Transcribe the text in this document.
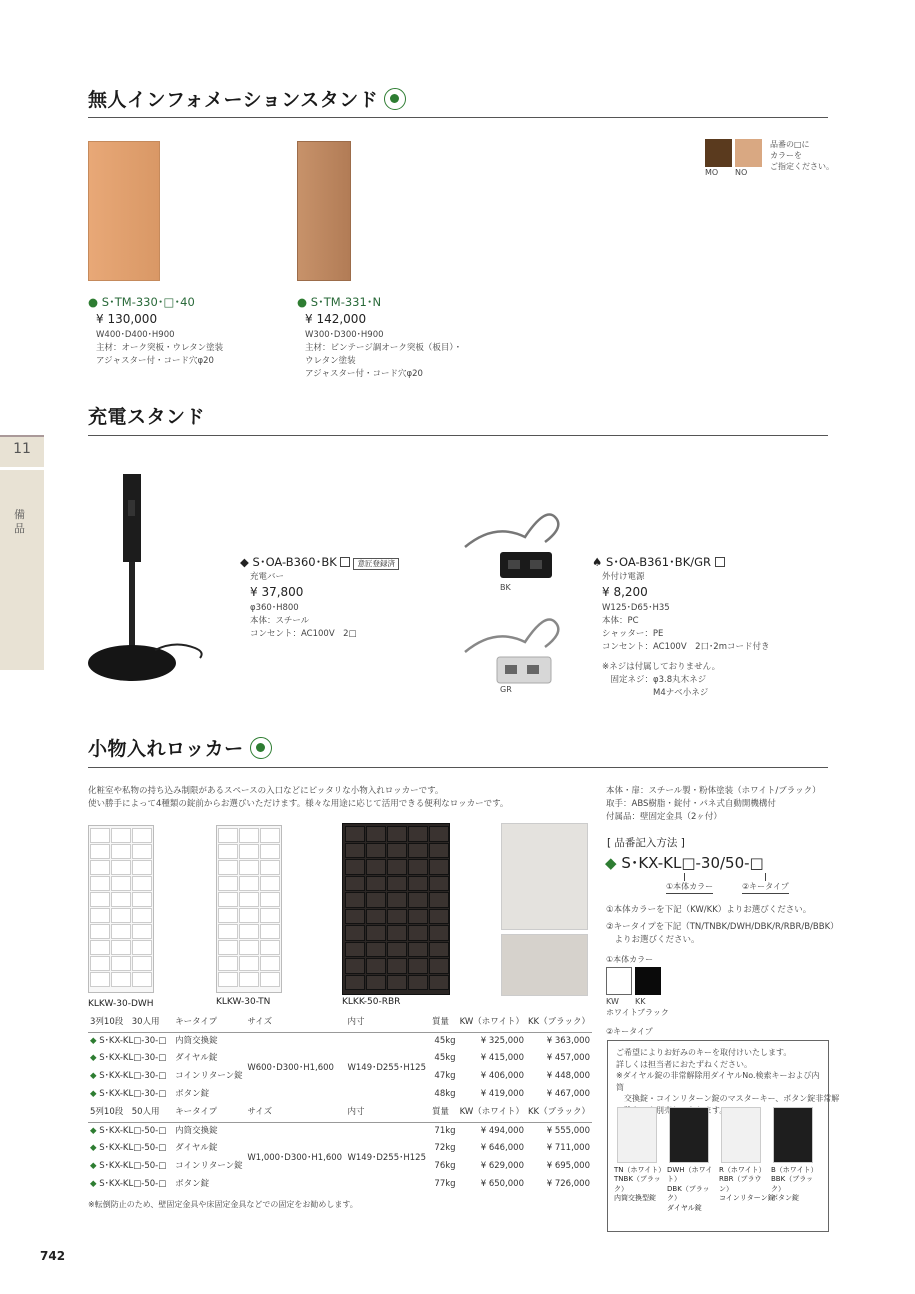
11
備品
無人インフォメーションスタンド
MO NO
品番の□に
カラーを
ご指定ください。
● S･TM-330･□･40
¥ 130,000
W400･D400･H900
主材：オーク突板・ウレタン塗装
アジャスター付・コード穴φ20
● S･TM-331･N
¥ 142,000
W300･D300･H900
主材：ビンテージ調オーク突板（板目）・
ウレタン塗装
アジャスター付・コード穴φ20
充電スタンド
◆ S･OA-B360･BK	意匠登録済
充電バー
¥ 37,800
φ360･H800
本体：スチール
コンセント：AC100V　2□
BK
GR
♠ S･OA-B361･BK/GR
外付け電源
¥ 8,200
W125･D65･H35
本体：PC
シャッター：PE
コンセント：AC100V　2口･2mコード付き
※ネジは付属しておりません。
　固定ネジ：φ3.8丸木ネジ
　　　　　　M4ナベ小ネジ
小物入れロッカー
化粧室や私物の持ち込み制限があるスペースの入口などにピッタリな小物入れロッカーです。
使い勝手によって4種類の錠前からお選びいただけます。様々な用途に応じて活用できる便利なロッカーです。
本体・扉：スチール製・粉体塗装（ホワイト/ブラック）
取手：ABS樹脂・錠付・パネ式自動開機構付
付属品：壁固定金具（2ヶ付）
KLKW-30-DWH	KLKW-30-TN	KLKK-50-RBR
3列10段　30人用	キータイプ	サイズ	内寸	質量	KW（ホワイト）	KK（ブラック）
◆ S･KX-KL□-30-□	内筒交換錠	W600･D300･H1,600	W149･D255･H125	45kg	¥ 325,000	¥ 363,000
◆ S･KX-KL□-30-□	ダイヤル錠			45kg	¥ 415,000	¥ 457,000
◆ S･KX-KL□-30-□	コインリターン錠			47kg	¥ 406,000	¥ 448,000
◆ S･KX-KL□-30-□	ボタン錠			48kg	¥ 419,000	¥ 467,000
5列10段　50人用	キータイプ	サイズ	内寸	質量	KW（ホワイト）	KK（ブラック）
◆ S･KX-KL□-50-□	内筒交換錠	W1,000･D300･H1,600	W149･D255･H125	71kg	¥ 494,000	¥ 555,000
◆ S･KX-KL□-50-□	ダイヤル錠			72kg	¥ 646,000	¥ 711,000
◆ S･KX-KL□-50-□	コインリターン錠			76kg	¥ 629,000	¥ 695,000
◆ S･KX-KL□-50-□	ボタン錠			77kg	¥ 650,000	¥ 726,000
※転倒防止のため、壁固定金具や床固定金具などでの固定をお勧めします。
[ 品番記入方法 ]
◆ S･KX-KL□-30/50-□
①本体カラー	②キータイプ
①本体カラーを下記（KW/KK）よりお選びください。
②キータイプを下記（TN/TNBK/DWH/DBK/R/RBR/B/BBK）
　よりお選びください。
①本体カラー
KW KK
ホワイト ブラック
②キータイプ
ご希望によりお好みのキーを取付けいたします。
詳しくは担当者におたずねください。
※ダイヤル錠の非常解除用ダイヤルNo.検索キーおよび内筒
　交換錠・コインリターン錠のマスターキー、ボタン錠非常解
TN（ホワイト）
TNBK（ブラック）
内筒交換型錠
DWH（ホワイト）
DBK（ブラック）
ダイヤル錠
R（ホワイト）
RBR（ブラウン）
コインリターン錠
B（ホワイト）
BBK（ブラック）
ボタン錠
742
